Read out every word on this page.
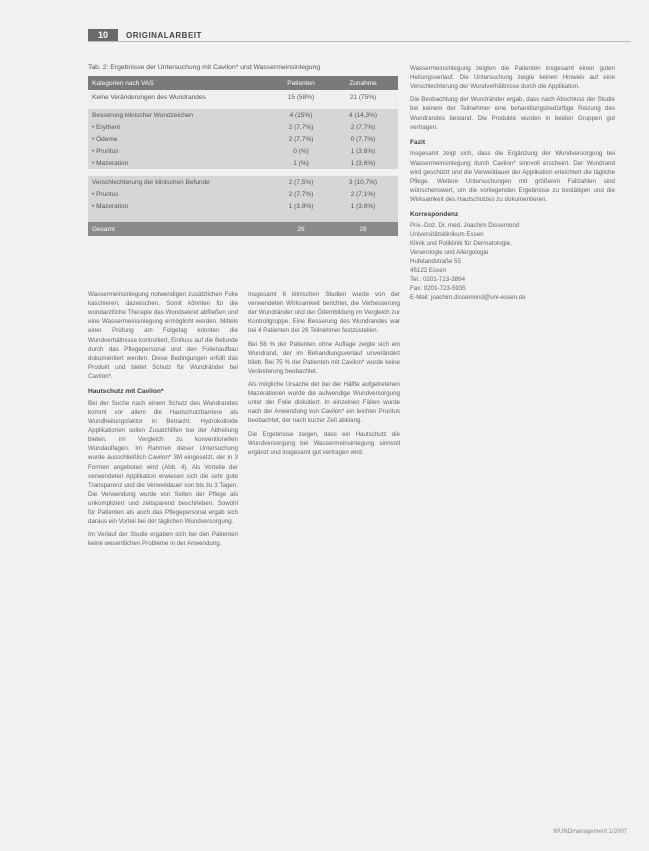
10	ORIGINALARBEIT
Tab. 2: Ergebnisse der Untersuchung mit Cavilon* und Wassermeinsinlegung
Kategorien nach VAS	Patienten	Zunahme
Keine Veränderungen des Wundrandes	15 (58%)	21 (75%)
Besserung klinischer Wundzeichen	4 (15%)	4 (14,3%)
• Erythem	2 (7,7%)	2 (7,7%)
• Ödeme	2 (7,7%)	0 (7,7%)
• Pruritus	0 (%)	1 (3,6%)
• Mazeration	1 (%)	1 (3,6%)
Verschlechterung der klinischen Befunde	2 (7,5%)	3 (10,7%)
• Pruritus	2 (7,7%)	2 (7,1%)
• Mazeration	1 (3,8%)	1 (3,6%)
Gesamt	26	28

Wassermeinsinlegung notwendigen zusätzlichen Folie kaschieren, dazwischen. Somit könnten für die wundarztliche Therapie das Wundsekret abfließen und eine Wassermeinsinlegung ermöglicht werden. Mittels einer Prüfung am Folgetag konnten die Wundverhältnisse kontrolliert, Einfluss auf die Befunde durch das Pflegepersonal und den Folienaufbau dokumentiert werden. Diese Bedingungen erfüllt das Produkt und bietet Schutz für Wundränder bei Cavilon*.

Hautschutz mit Cavilon*

Bei der Suche nach einem Schutz des Wundrandes kommt vor allem die Hautschutzbarriere als Wundheilungsfaktor in Betracht. Hydrokolloide Applikationen sollen Zusatzhilfen bei der Abheilung bieten, im Vergleich zu konventionellen Wundauflagen. Im Rahmen dieser Untersuchung wurde ausschließlich Cavilon* 3M eingesetzt, der in 3 Formen angeboten wird (Abb. 4). Als Vorteile der verwendeten Applikation erwiesen sich die sehr gute Transparenz und die Verweildauer von bis zu 3 Tagen. Die Verwendung wurde von Seiten der Pflege als unkompliziert und zeitsparend beschrieben. Sowohl für Patienten als auch das Pflegepersonal ergab sich daraus ein Vorteil bei der täglichen Wundversorgung.

Im Verlauf der Studie ergaben sich bei den Patienten keine wesentlichen Probleme in der Anwendung.

Insgesamt 6 klinischen Studien wurde von der verwendeten Wirksamkeit berichtet, die Verbesserung der Wundränder und der Ödembildung im Vergleich zur Kontrollgruppe. Eine Besserung des Wundrandes war bei 4 Patienten der 26 Teilnehmer festzustellen.

Bei 58 % der Patienten ohne Auflage zeigte sich ein Wundrand, der im Behandlungsverlauf unverändert blieb. Bei 75 % der Patienten mit Cavilon* wurde keine Veränderung beobachtet.

Als mögliche Ursache der bei der Hälfte aufgetretenen Mazerationen wurde die aufwendige Wundversorgung unter der Folie diskutiert. In einzelnen Fällen wurde nach der Anwendung von Cavilon* ein leichter Pruritus beobachtet, der nach kurzer Zeit abklang.

Die Ergebnisse zeigen, dass ein Hautschutz die Wundversorgung bei Wassermeinsinlegung sinnvoll ergänzt und insgesamt gut vertragen wird.

Wassermeinsinlegung zeigten die Patienten insgesamt einen guten Heilungsverlauf. Die Untersuchung zeigte keinen Hinweis auf eine Verschlechterung der Wundverhältnisse durch die Applikation.

Die Beobachtung der Wundränder ergab, dass nach Abschluss der Studie bei keinem der Teilnehmer eine behandlungsbedürftige Reizung des Wundrandes bestand. Die Produkte wurden in beiden Gruppen gut vertragen.

Fazit

Insgesamt zeigt sich, dass die Ergänzung der Wundversorgung bei Wassermeinsinlegung durch Cavilon* sinnvoll erscheint. Der Wundrand wird geschützt und die Verweildauer der Applikation erleichtert die tägliche Pflege. Weitere Untersuchungen mit größeren Fallzahlen sind wünschenswert, um die vorliegenden Ergebnisse zu bestätigen und die Wirksamkeit des Hautschutzes zu dokumentieren.

Korrespondenz
Priv.-Doz. Dr. med. Joachim Dissemond
Universitätsklinikum Essen
Klinik und Poliklinik für Dermatologie,
Venerologie und Allergologie
Hufelandstraße 55
45122 Essen
Tel.: 0201-723-3894
Fax: 0201-723-5935
E-Mail: joachim.dissemond@uni-essen.de
WUNDmanagement 1/2007
